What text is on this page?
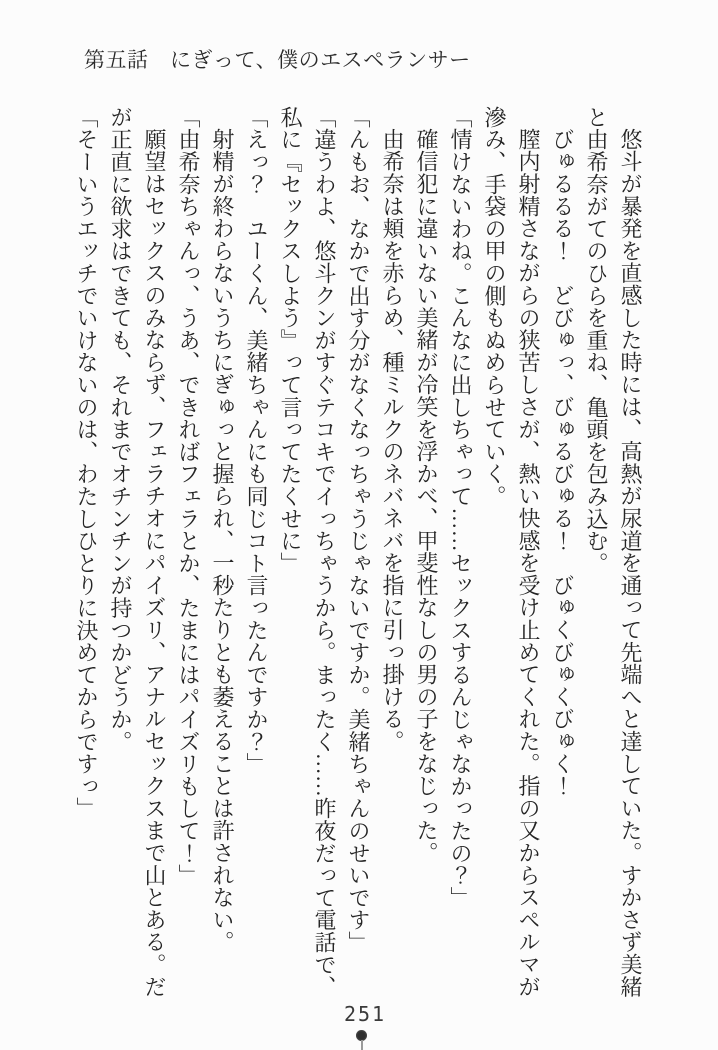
第五話　にぎって、僕のエスペランサー

悠斗が暴発を直感した時には、高熱が尿道を通って先端へと達していた。すかさず美緒と由希奈がてのひらを重ね、亀頭を包み込む。

びゅるるる！　どびゅっ、びゅるびゅる！　びゅくびゅくびゅく！

膣内射精さながらの狭苦しさが、熱い快感を受け止めてくれた。指の又からスペルマが滲み、手袋の甲の側もぬめらせていく。

「情けないわね。こんなに出しちゃって……セックスするんじゃなかったの？」

確信犯に違いない美緒が冷笑を浮かべ、甲斐性なしの男の子をなじった。

由希奈は頬を赤らめ、種ミルクのネバネバを指に引っ掛ける。

「んもお、なかで出す分がなくなっちゃうじゃないですか。美緒ちゃんのせいです」

「違うわよ、悠斗クンがすぐテコキでイっちゃうから。まったく……昨夜だって電話で、私に『セックスしよう』って言ってたくせに」

「えっ？　ユーくん、美緒ちゃんにも同じコト言ったんですか？」

射精が終わらないうちにぎゅっと握られ、一秒たりとも萎えることは許されない。

「由希奈ちゃんっ、うあ、できればフェラとか、たまにはパイズリもして！」

願望はセックスのみならず、フェラチオにパイズリ、アナルセックスまで山とある。だが正直に欲求はできても、それまでオチンチンが持つかどうか。

「そーいうエッチでいけないのは、わたしひとりに決めてからですっ」

251
